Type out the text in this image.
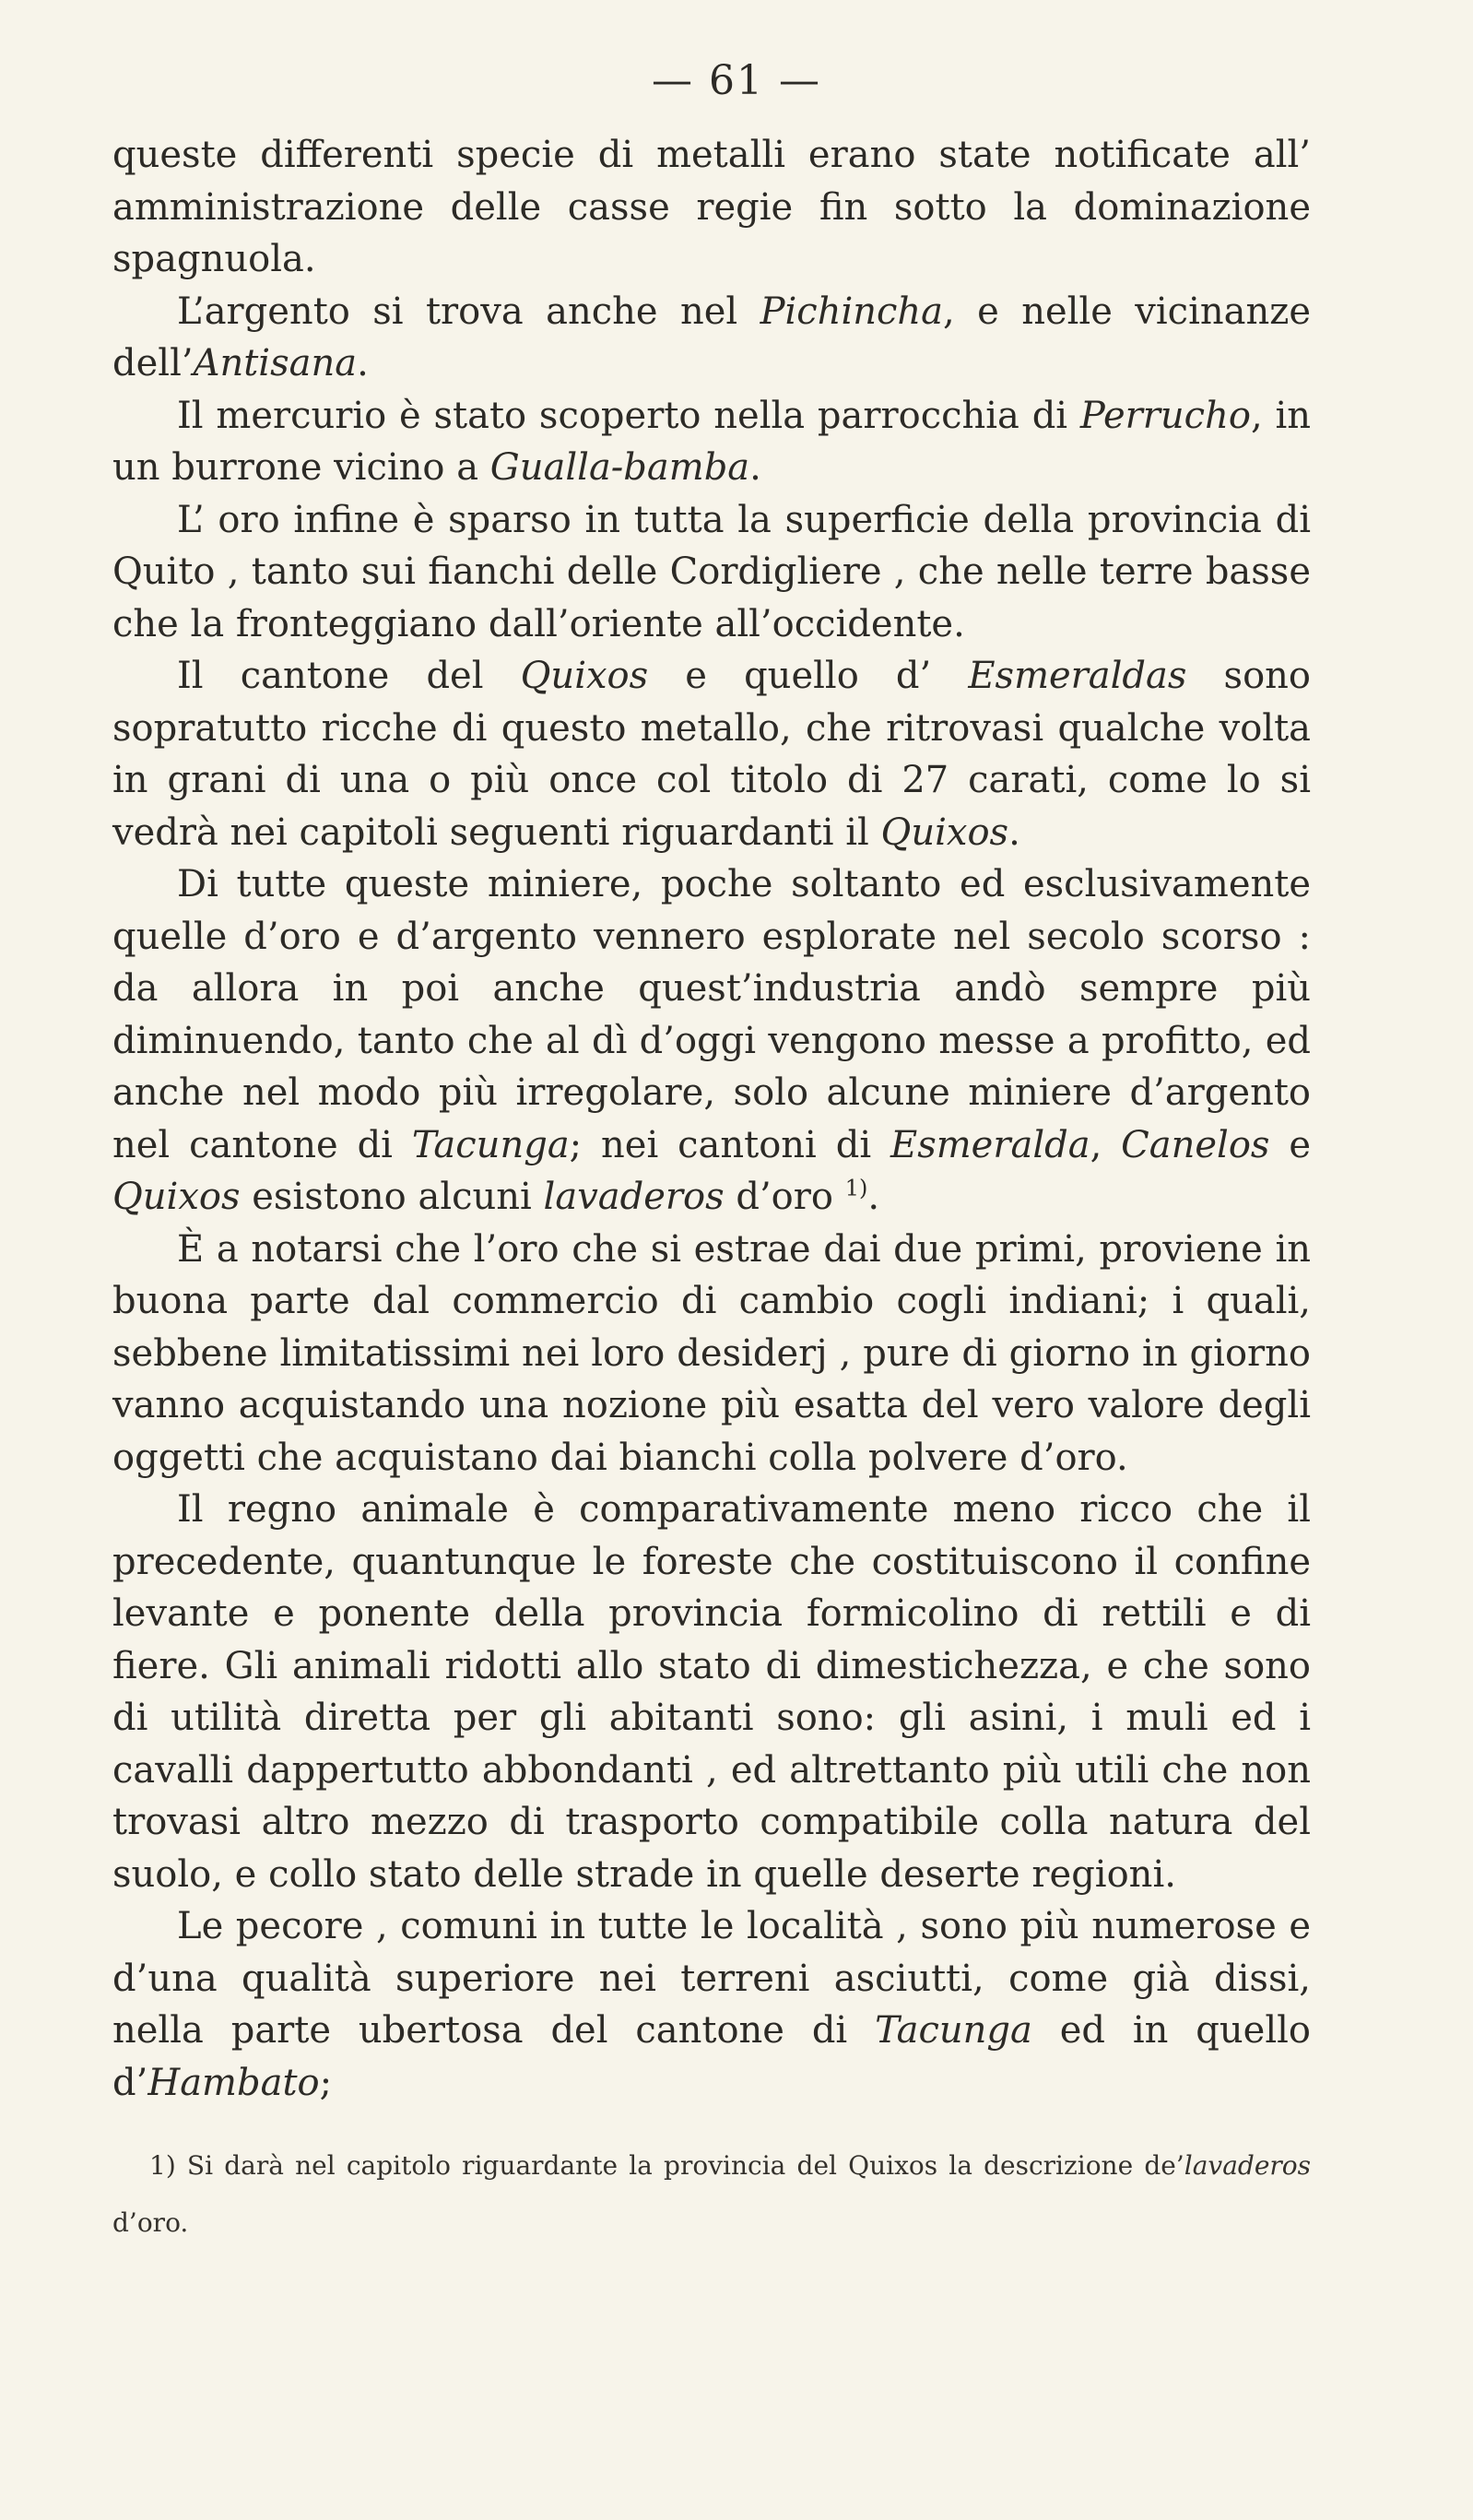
— 61 —

queste differenti specie di metalli erano state notificate all’ amministrazione delle casse regie fin sotto la dominazione spagnuola.

L’argento si trova anche nel Pichincha, e nelle vicinanze dell’Antisana.

Il mercurio è stato scoperto nella parrocchia di Perrucho, in un burrone vicino a Gualla-bamba.

L’ oro infine è sparso in tutta la superficie della provincia di Quito , tanto sui fianchi delle Cordigliere , che nelle terre basse che la fronteggiano dall’oriente all’occidente.

Il cantone del Quixos e quello d’ Esmeraldas sono sopratutto ricche di questo metallo, che ritrovasi qualche volta in grani di una o più once col titolo di 27 carati, come lo si vedrà nei capitoli seguenti riguardanti il Quixos.

Di tutte queste miniere, poche soltanto ed esclusivamente quelle d’oro e d’argento vennero esplorate nel secolo scorso : da allora in poi anche quest’industria andò sempre più diminuendo, tanto che al dì d’oggi vengono messe a profitto, ed anche nel modo più irregolare, solo alcune miniere d’argento nel cantone di Tacunga; nei cantoni di Esmeralda, Canelos e Quixos esistono alcuni lavaderos d’oro $^{1)}$.

È a notarsi che l’oro che si estrae dai due primi, proviene in buona parte dal commercio di cambio cogli indiani; i quali, sebbene limitatissimi nei loro desiderj , pure di giorno in giorno vanno acquistando una nozione più esatta del vero valore degli oggetti che acquistano dai bianchi colla polvere d’oro.

Il regno animale è comparativamente meno ricco che il precedente, quantunque le foreste che costituiscono il confine levante e ponente della provincia formicolino di rettili e di fiere. Gli animali ridotti allo stato di dimestichezza, e che sono di utilità diretta per gli abitanti sono: gli asini, i muli ed i cavalli dappertutto abbondanti , ed altrettanto più utili che non trovasi altro mezzo di trasporto compatibile colla natura del suolo, e collo stato delle strade in quelle deserte regioni.

Le pecore , comuni in tutte le località , sono più numerose e d’una qualità superiore nei terreni asciutti, come già dissi, nella parte ubertosa del cantone di Tacunga ed in quello d’Hambato;

1) Si darà nel capitolo riguardante la provincia del Quixos la descrizione de’lavaderos d’oro.
